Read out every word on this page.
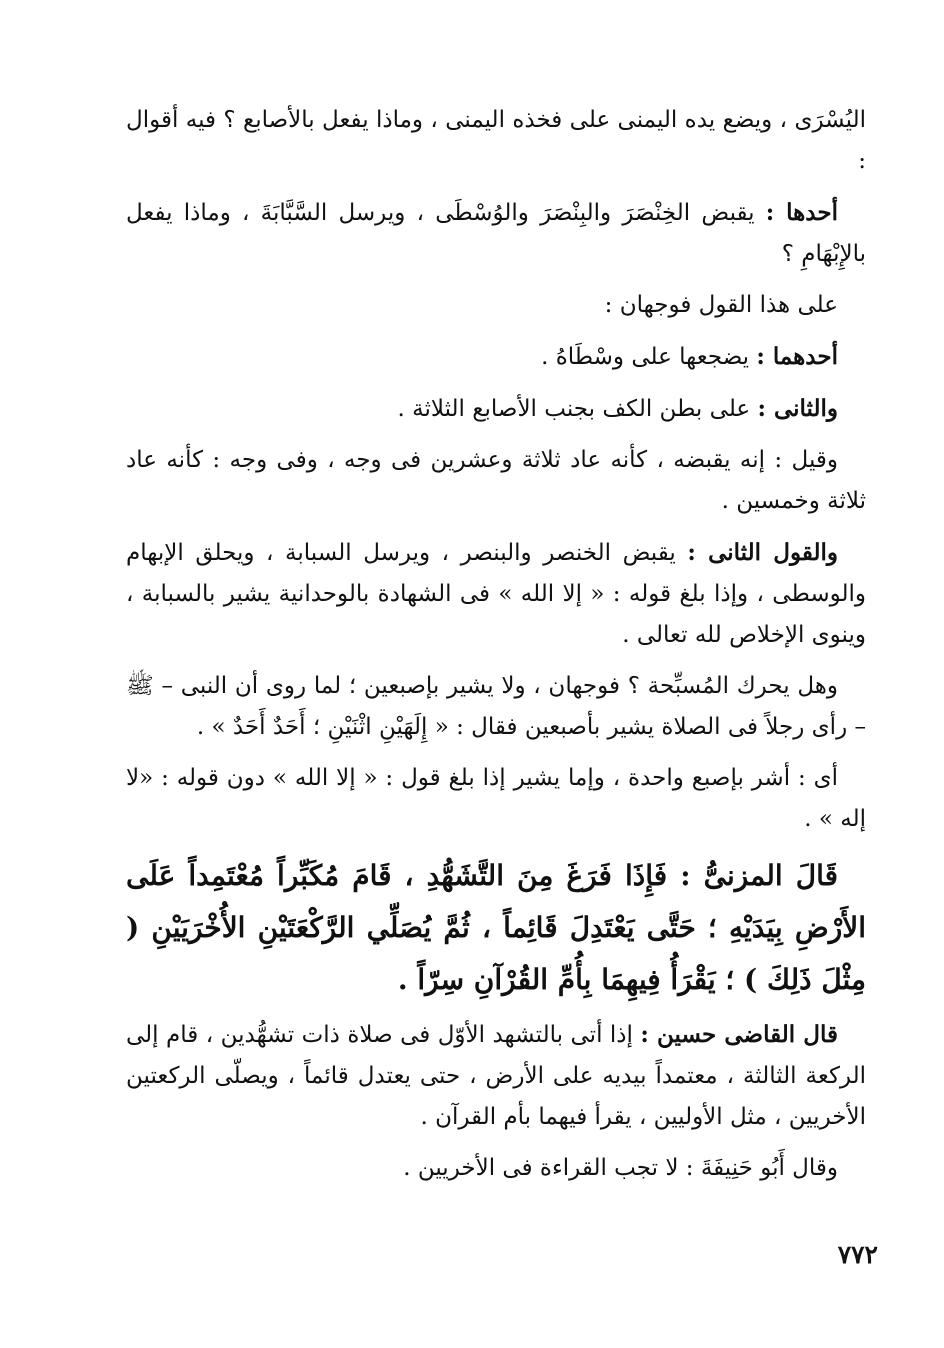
اليُسْرَى ، ويضع يده اليمنى على فخذه اليمنى ، وماذا يفعل بالأصابع ؟ فيه أقوال :

أحدها : يقبض الخِنْصَرَ والبِنْصَرَ والوُسْطَى ، ويرسل السَّبَّابَةَ ، وماذا يفعل بالإِبْهَامِ ؟

على هذا القول فوجهان :

أحدهما : يضجعها على وسْطَاهُ .

والثانى : على بطن الكف بجنب الأصابع الثلاثة .

وقيل : إنه يقبضه ، كأنه عاد ثلاثة وعشرين فى وجه ، وفى وجه : كأنه عاد ثلاثة وخمسين .

والقول الثانى : يقبض الخنصر والبنصر ، ويرسل السبابة ، ويحلق الإبهام والوسطى ، وإذا بلغ قوله : « إلا الله » فى الشهادة بالوحدانية يشير بالسبابة ، وينوى الإخلاص لله تعالى .

وهل يحرك المُسبِّحة ؟ فوجهان ، ولا يشير بإصبعين ؛ لما روى أن النبى – ﷺ – رأى رجلاً فى الصلاة يشير بأصبعين فقال : « إِلَهَيْنِ اثْنَيْنِ ؛ أَحَدٌ أَحَدٌ » .

أى : أشر بإصبع واحدة ، وإما يشير إذا بلغ قول : « إلا الله » دون قوله : «لا إله » .

قَالَ المزنىُّ : فَإِذَا فَرَغَ مِنَ التَّشَهُّدِ ، قَامَ مُكَبِّراً مُعْتَمِداً عَلَى الأَرْضِ بِيَدَيْهِ ؛ حَتَّى يَعْتَدِلَ قَائِماً ، ثُمَّ يُصَلِّي الرَّكْعَتَيْنِ الأُخْرَيَيْنِ ( مِثْلَ ذَلِكَ ) ؛ يَقْرَأُ فِيهِمَا بِأُمِّ القُرْآنِ سِرّاً .

قال القاضى حسين : إذا أتى بالتشهد الأوّل فى صلاة ذات تشهُّدين ، قام إلى الركعة الثالثة ، معتمداً بيديه على الأرض ، حتى يعتدل قائماً ، ويصلّى الركعتين الأخريين ، مثل الأوليين ، يقرأ فيهما بأم القرآن .

وقال أَبُو حَنِيفَةَ : لا تجب القراءة فى الأخريين .

٧٧٢
